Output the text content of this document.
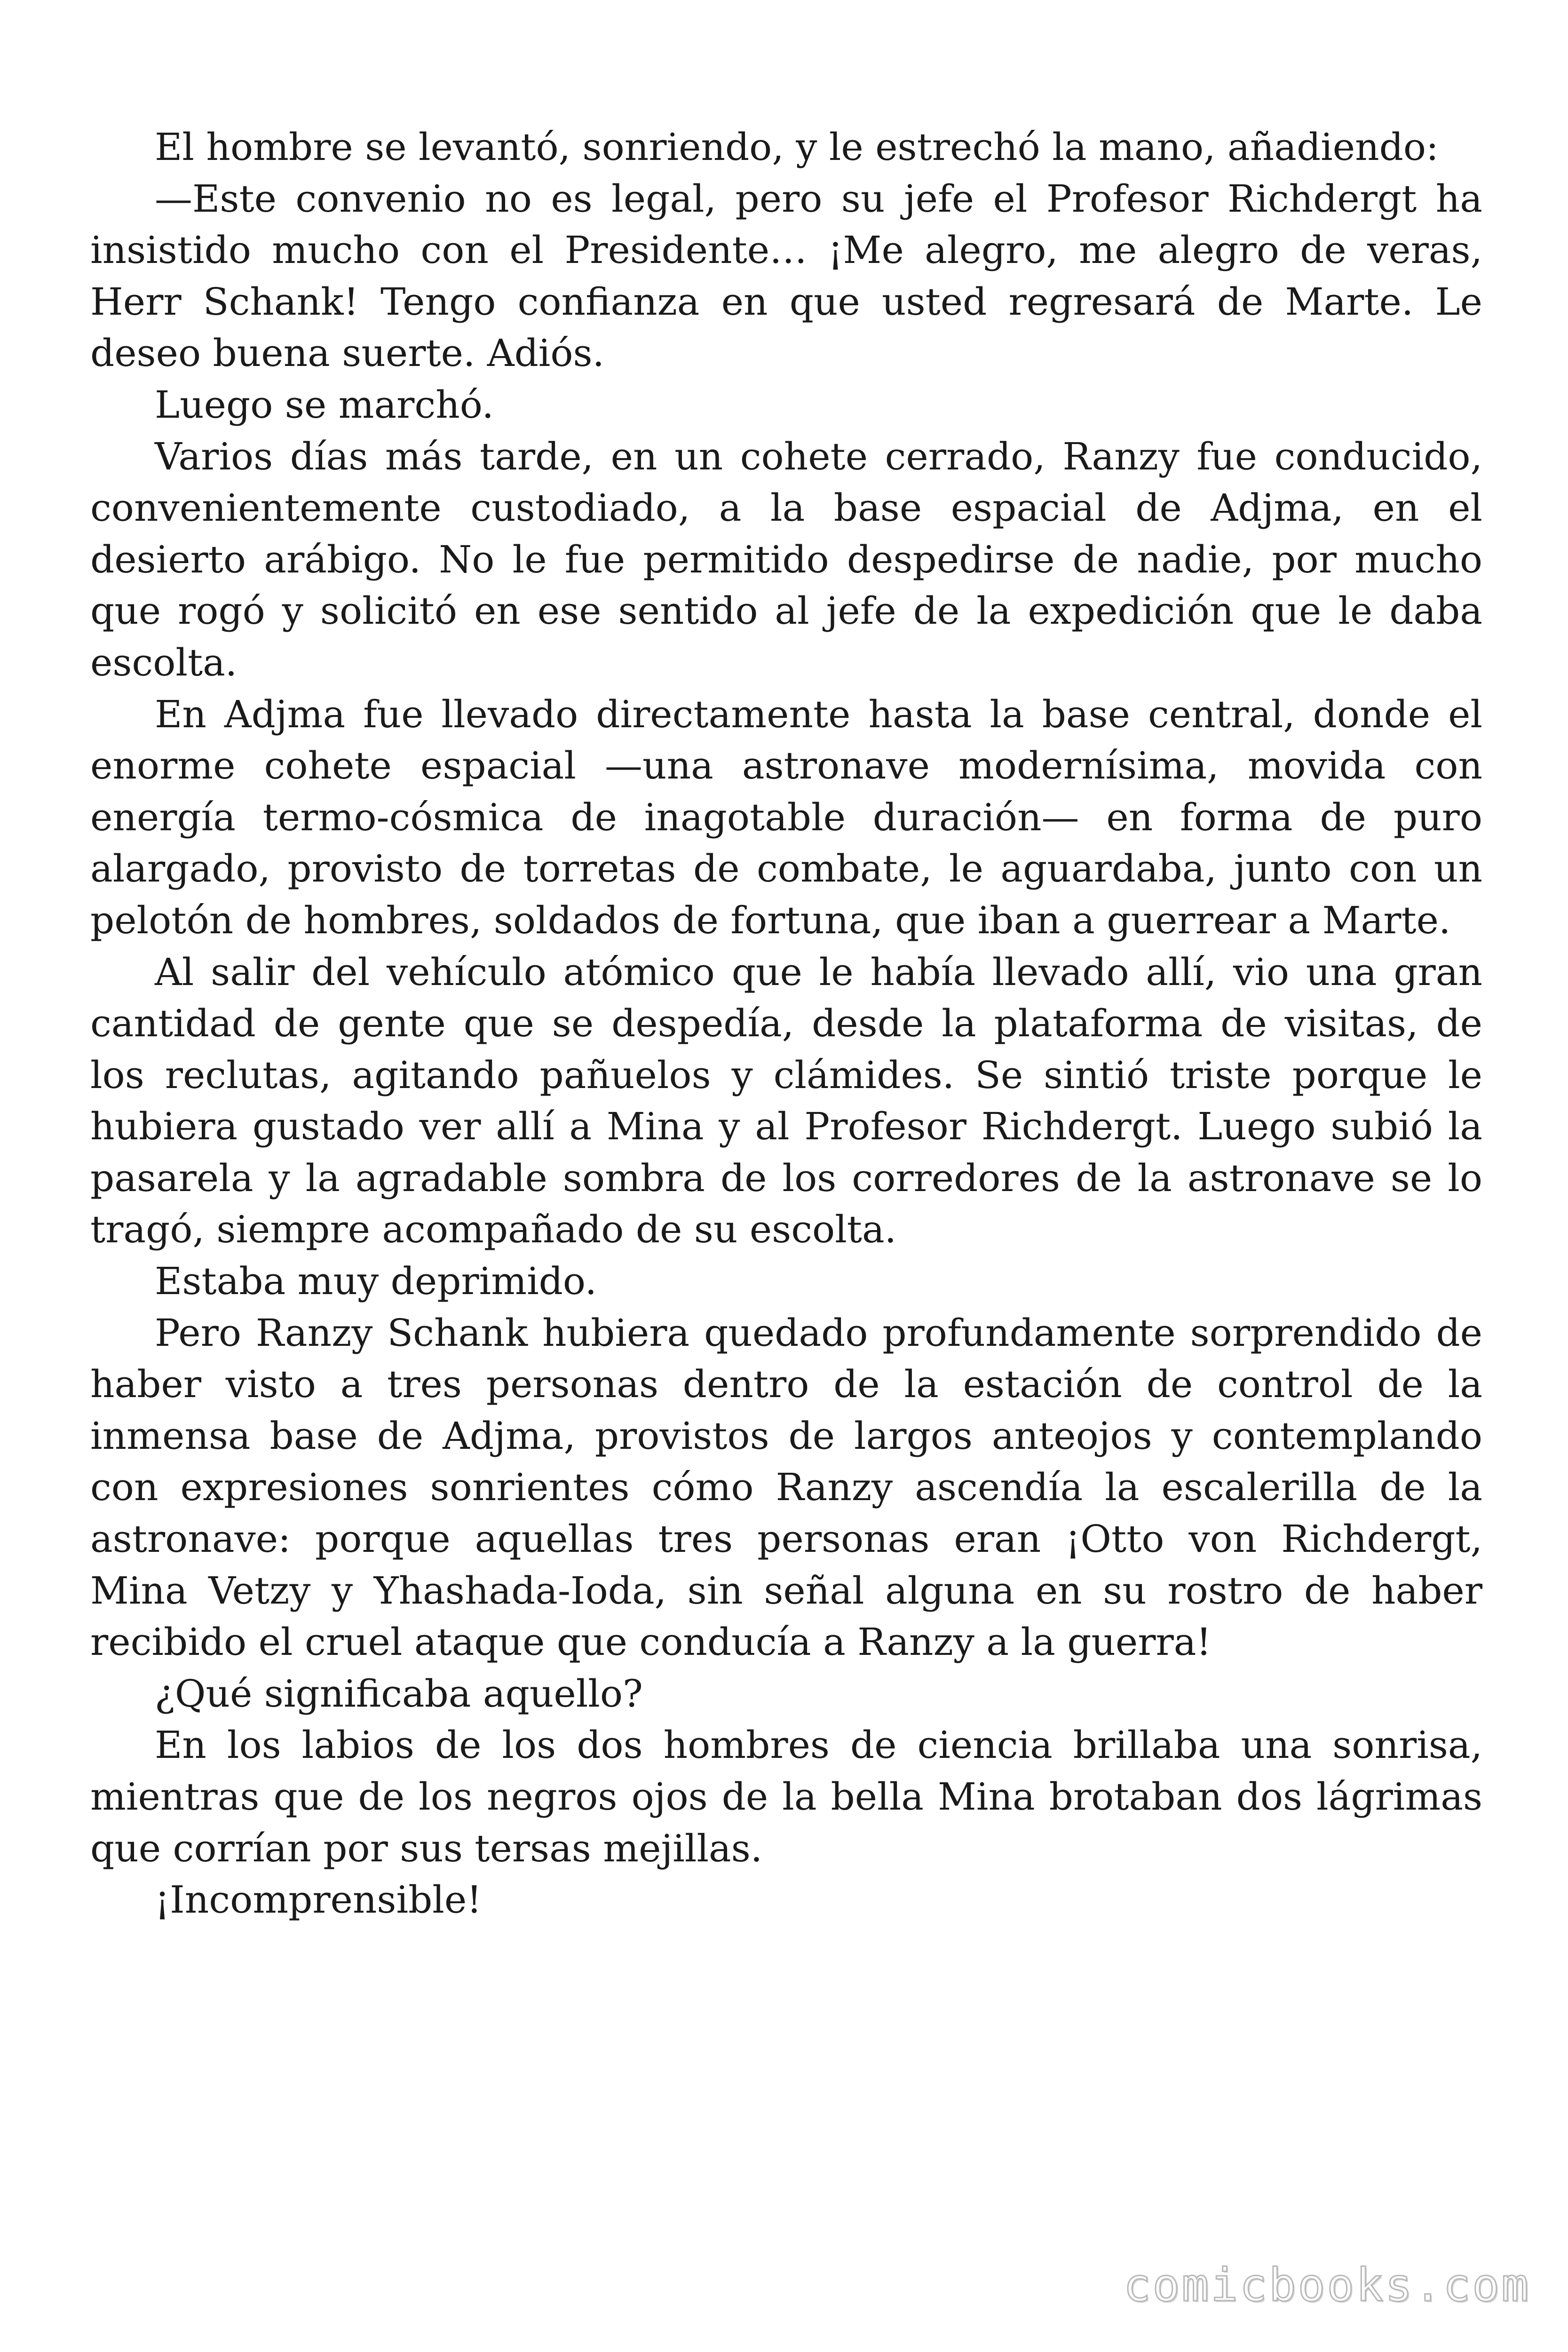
El hombre se levantó, sonriendo, y le estrechó la mano, añadiendo:

—Este convenio no es legal, pero su jefe el Profesor Richdergt ha insistido mucho con el Presidente… ¡Me alegro, me alegro de veras, Herr Schank! Tengo confianza en que usted regresará de Marte. Le deseo buena suerte. Adiós.

Luego se marchó.

Varios días más tarde, en un cohete cerrado, Ranzy fue conducido, convenientemente custodiado, a la base espacial de Adjma, en el desierto arábigo. No le fue permitido despedirse de nadie, por mucho que rogó y solicitó en ese sentido al jefe de la expedición que le daba escolta.

En Adjma fue llevado directamente hasta la base central, donde el enorme cohete espacial —una astronave modernísima, movida con energía termo-cósmica de inagotable duración— en forma de puro alargado, provisto de torretas de combate, le aguardaba, junto con un pelotón de hombres, soldados de fortuna, que iban a guerrear a Marte.

Al salir del vehículo atómico que le había llevado allí, vio una gran cantidad de gente que se despedía, desde la plataforma de visitas, de los reclutas, agitando pañuelos y clámides. Se sintió triste porque le hubiera gustado ver allí a Mina y al Profesor Richdergt. Luego subió la pasarela y la agradable sombra de los corredores de la astronave se lo tragó, siempre acompañado de su escolta.

Estaba muy deprimido.

Pero Ranzy Schank hubiera quedado profundamente sorprendido de haber visto a tres personas dentro de la estación de control de la inmensa base de Adjma, provistos de largos anteojos y contemplando con expresiones sonrientes cómo Ranzy ascendía la escalerilla de la astronave: porque aquellas tres personas eran ¡Otto von Richdergt, Mina Vetzy y Yhashada-Ioda, sin señal alguna en su rostro de haber recibido el cruel ataque que conducía a Ranzy a la guerra!

¿Qué significaba aquello?

En los labios de los dos hombres de ciencia brillaba una sonrisa, mientras que de los negros ojos de la bella Mina brotaban dos lágrimas que corrían por sus tersas mejillas.

¡Incomprensible!

comicbooks.com
